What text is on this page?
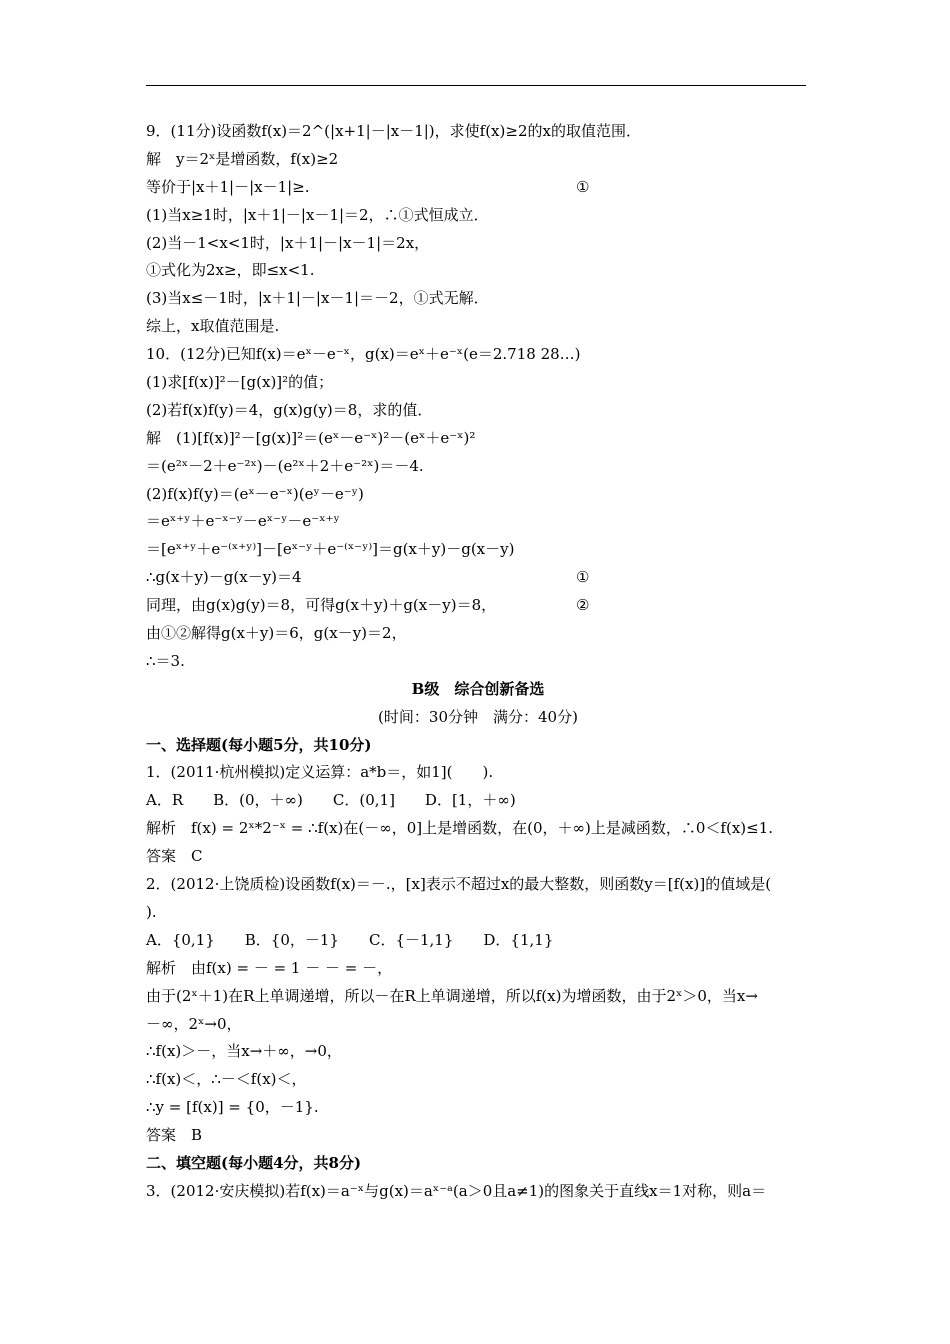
9．(11分)设函数f(x)＝2^(|x+1|－|x－1|)，求使f(x)≥2的x的取值范围．
解　y＝2ˣ是增函数，f(x)≥2
等价于|x＋1|－|x－1|≥.	①
(1)当x≥1时，|x＋1|－|x－1|＝2，∴①式恒成立．
(2)当－1<x<1时，|x＋1|－|x－1|＝2x，
①式化为2x≥，即≤x<1.
(3)当x≤－1时，|x＋1|－|x－1|＝－2，①式无解．
综上，x取值范围是.
10．(12分)已知f(x)＝eˣ－e⁻ˣ，g(x)＝eˣ＋e⁻ˣ(e＝2.718 28…)
(1)求[f(x)]²－[g(x)]²的值；
(2)若f(x)f(y)＝4，g(x)g(y)＝8，求的值．
解　(1)[f(x)]²－[g(x)]²＝(eˣ－e⁻ˣ)²－(eˣ＋e⁻ˣ)²
＝(e²ˣ－2＋e⁻²ˣ)－(e²ˣ＋2＋e⁻²ˣ)＝－4.
(2)f(x)f(y)＝(eˣ－e⁻ˣ)(eʸ－e⁻ʸ)
＝eˣ⁺ʸ＋e⁻ˣ⁻ʸ－eˣ⁻ʸ－e⁻ˣ⁺ʸ
＝[eˣ⁺ʸ＋e⁻⁽ˣ⁺ʸ⁾]－[eˣ⁻ʸ＋e⁻⁽ˣ⁻ʸ⁾]＝g(x＋y)－g(x－y)
∴g(x＋y)－g(x－y)＝4	①
同理，由g(x)g(y)＝8，可得g(x＋y)＋g(x－y)＝8，	②
由①②解得g(x＋y)＝6，g(x－y)＝2，
∴＝3.
B级　综合创新备选
(时间：30分钟　满分：40分)
一、选择题(每小题5分，共10分)
1．(2011·杭州模拟)定义运算：a*b＝，如1](　　).
A．R　　B．(0，＋∞)　　C．(0,1]　　D．[1，＋∞)
解析　f(x) = 2ˣ*2⁻ˣ = ∴f(x)在(－∞，0]上是增函数，在(0，＋∞)上是减函数，∴0＜f(x)≤1.
答案　C
2．(2012·上饶质检)设函数f(x)＝－.，[x]表示不超过x的最大整数，则函数y＝[f(x)]的值域是(
).
A．{0,1}　　B．{0，－1}　　C．{－1,1}　　D．{1,1}
解析　由f(x) = － = 1 － － = －，
由于(2ˣ＋1)在R上单调递增，所以－在R上单调递增，所以f(x)为增函数，由于2ˣ＞0，当x→
－∞，2ˣ→0，
∴f(x)＞－，当x→＋∞，→0，
∴f(x)＜，∴－＜f(x)＜，
∴y = [f(x)] = {0，－1}.
答案　B
二、填空题(每小题4分，共8分)
3．(2012·安庆模拟)若f(x)＝a⁻ˣ与g(x)＝aˣ⁻ᵃ(a＞0且a≠1)的图象关于直线x＝1对称，则a＝
